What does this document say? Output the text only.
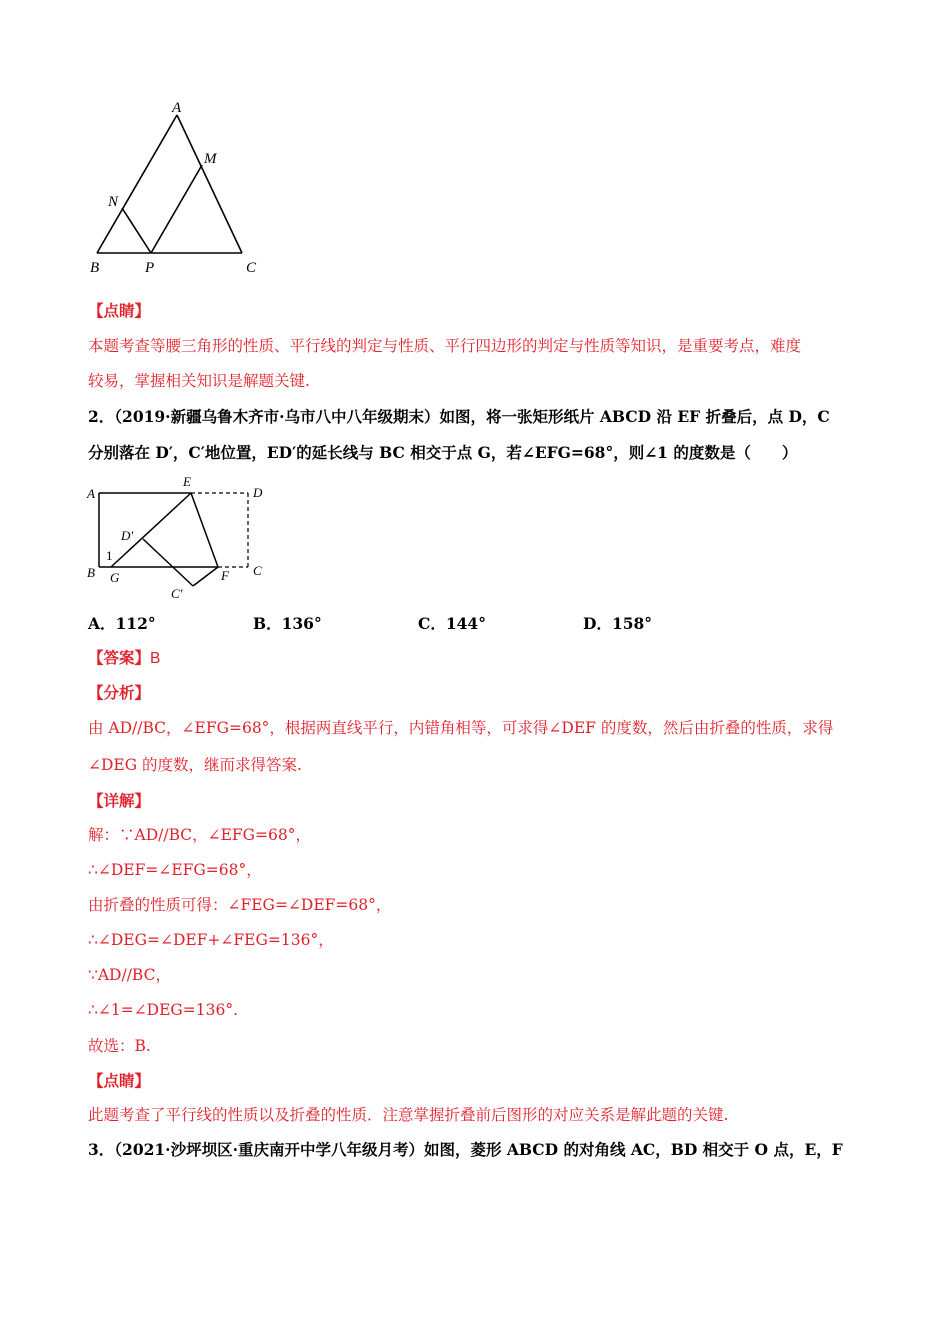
A
M
N
B	P	C
【点睛】
本题考查等腰三角形的性质、平行线的判定与性质、平行四边形的判定与性质等知识，是重要考点，难度
较易，掌握相关知识是解题关键.
2．（2019·新疆乌鲁木齐市·乌市八中八年级期末）如图，将一张矩形纸片 ABCD 沿 EF 折叠后，点 D，C
分别落在 D′，C′地位置，ED′的延长线与 BC 相交于点 G，若∠EFG=68°，则∠1 的度数是（　　）
A
E
D
D'
1
B G	F C
C'
A．112°	B．136°	C．144°	D．158°
【答案】B
【分析】
由 AD//BC，∠EFG=68°，根据两直线平行，内错角相等，可求得∠DEF 的度数，然后由折叠的性质，求得
∠DEG 的度数，继而求得答案.
【详解】
解：∵AD//BC，∠EFG=68°，
∴∠DEF=∠EFG=68°，
由折叠的性质可得：∠FEG=∠DEF=68°，
∴∠DEG=∠DEF+∠FEG=136°，
∵AD//BC，
∴∠1=∠DEG=136°.
故选：B.
【点睛】
此题考查了平行线的性质以及折叠的性质．注意掌握折叠前后图形的对应关系是解此题的关键.
3．（2021·沙坪坝区·重庆南开中学八年级月考）如图，菱形 ABCD 的对角线 AC，BD 相交于 O 点，E，F
